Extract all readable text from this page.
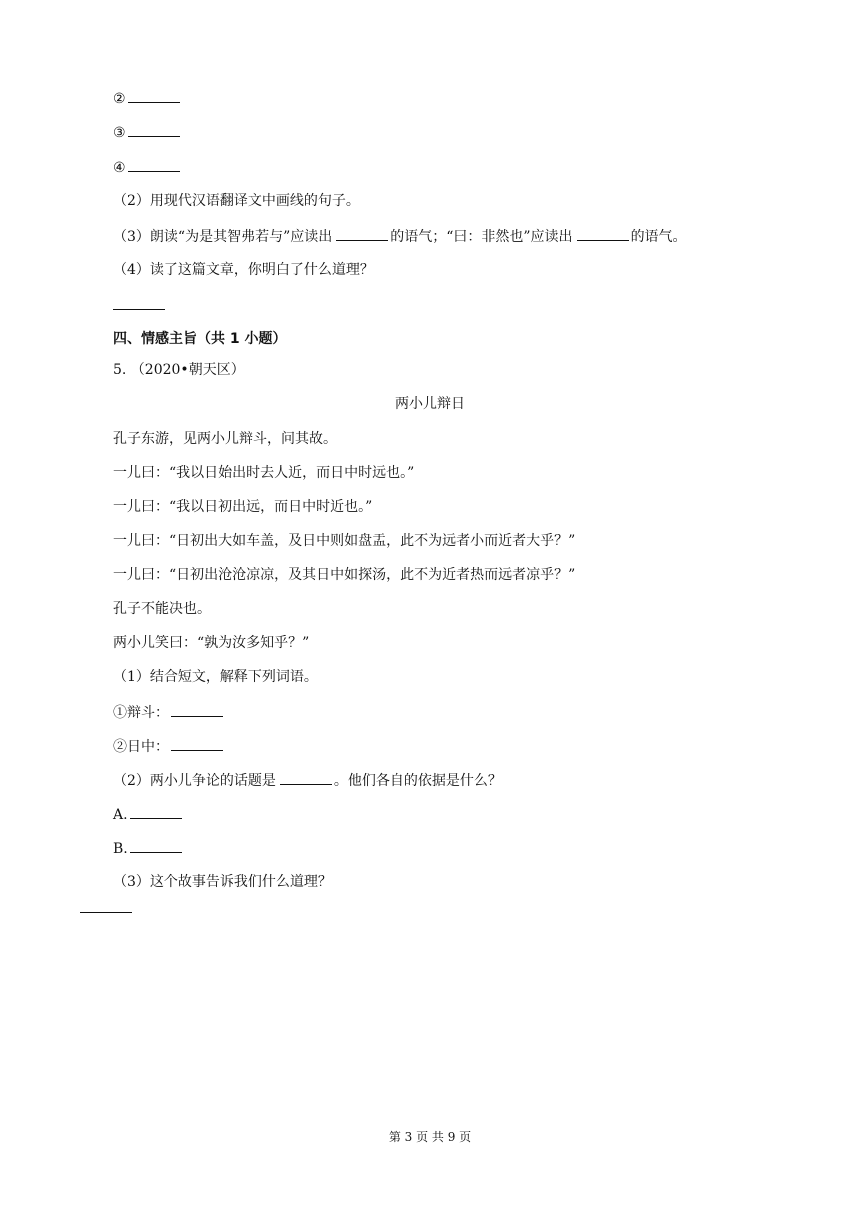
②
③
④
（2）用现代汉语翻译文中画线的句子。
（3）朗读“为是其智弗若与”应读出	的语气；“曰：非然也”应读出	的语气。
（4）读了这篇文章，你明白了什么道理？
四、情感主旨（共 1 小题）
5. （2020•朝天区）
两小儿辩日
孔子东游，见两小儿辩斗，问其故。
一儿曰：“我以日始出时去人近，而日中时远也。”
一儿曰：“我以日初出远，而日中时近也。”
一儿曰：“日初出大如车盖，及日中则如盘盂，此不为远者小而近者大乎？”
一儿曰：“日初出沧沧凉凉，及其日中如探汤，此不为近者热而远者凉乎？”
孔子不能决也。
两小儿笑曰：“孰为汝多知乎？”
（1）结合短文，解释下列词语。
①辩斗：
②日中：
（2）两小儿争论的话题是	。他们各自的依据是什么？
A.
B.
（3）这个故事告诉我们什么道理？
第 3 页 共 9 页
